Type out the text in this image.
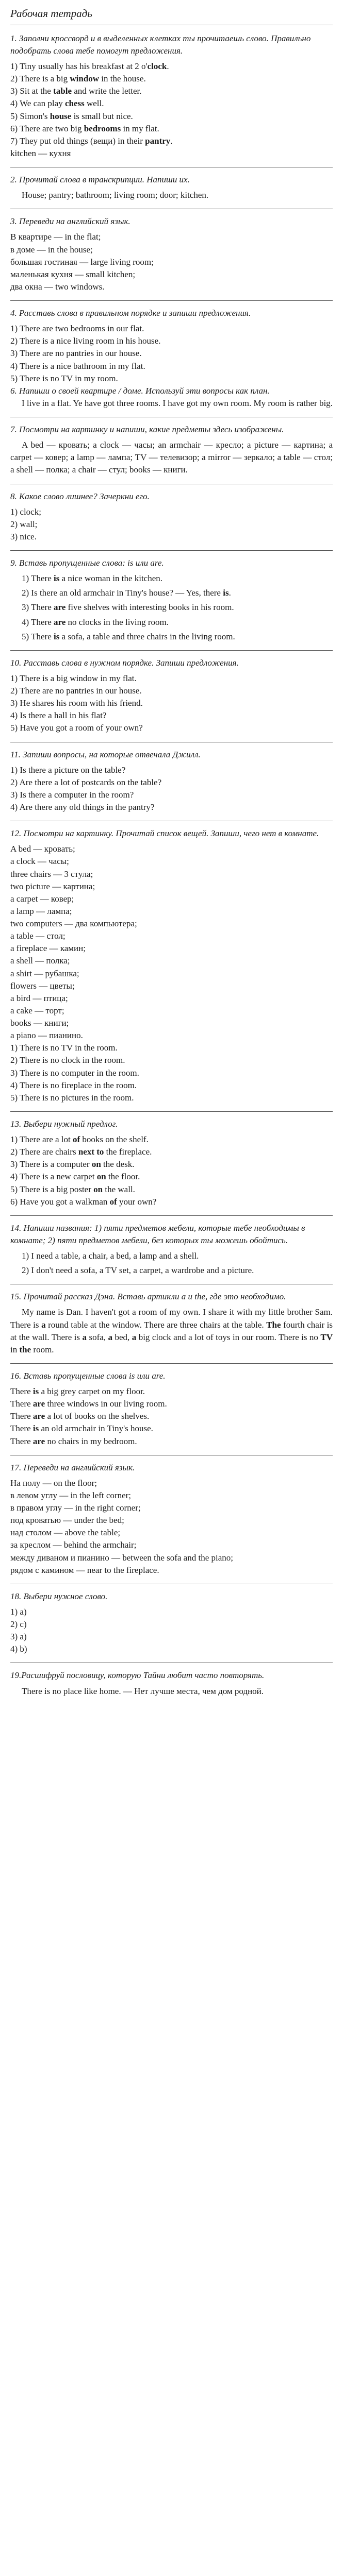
Рабочая тетрадь
1. Заполни кроссворд и в выделенных клетках ты прочитаешь слово. Правильно подобрать слова тебе помогут предложения.
1) Tiny usually has his breakfast at 2 o'clock.
2) There is a big window in the house.
3) Sit at the table and write the letter.
4) We can play chess well.
5) Simon's house is small but nice.
6) There are two big bedrooms in my flat.
7) They put old things (вещи) in their pantry.
kitchen — кухня
2. Прочитай слова в транскрипции. Напиши их.
House; pantry; bathroom; living room; door; kitchen.
3. Переведи на английский язык.
В квартире — in the flat;
в доме — in the house;
большая гостиная — large living room;
маленькая кухня — small kitchen;
два окна — two windows.
4. Расставь слова в правильном порядке и запиши предложения.
1) There are two bedrooms in our flat.
2) There is a nice living room in his house.
3) There are no pantries in our house.
4) There is a nice bathroom in my flat.
5) There is no TV in my room.
6. Напиши о своей квартире / доме. Используй эти вопросы как план.
I live in a flat. Ye have got three rooms. I have got my own room. My room is rather big.
7. Посмотри на картинку и напиши, какие предметы здесь изображены.
A bed — кровать; a clock — часы; an armchair — кресло; a picture — картина; a carpet — ковер; a lamp — лампа; TV — телевизор; a mirror — зеркало; a table — стол; a shell — полка; a chair — стул; books — книги.
8. Какое слово лишнее? Зачеркни его.
1) clock;
2) wall;
3) nice.
9. Вставь пропущенные слова: is или are.
1) There is a nice woman in the kitchen.
2) Is there an old armchair in Tiny's house? — Yes, there is.
3) There are five shelves with interesting books in his room.
4) There are no clocks in the living room.
5) There is a sofa, a table and three chairs in the living room.
10. Расставь слова в нужном порядке. Запиши предложения.
1) There is a big window in my flat.
2) There are no pantries in our house.
3) He shares his room with his friend.
4) Is there a hall in his flat?
5) Have you got a room of your own?
11. Запиши вопросы, на которые отвечала Джилл.
1) Is there a picture on the table?
2) Are there a lot of postcards on the table?
3) Is there a computer in the room?
4) Are there any old things in the pantry?
12. Посмотри на картинку. Прочитай список вещей. Запиши, чего нет в комнате.
A bed — кровать;
a clock — часы;
three chairs — 3 стула;
two picture — картина;
a carpet — ковер;
a lamp — лампа;
two computers — два компьютера;
a table — стол;
a fireplace — камин;
a shell — полка;
a shirt — рубашка;
flowers — цветы;
a bird — птица;
a cake — торт;
books — книги;
a piano — пианино.
1) There is no TV in the room.
2) There is no clock in the room.
3) There is no computer in the room.
4) There is no fireplace in the room.
5) There is no pictures in the room.
13. Выбери нужный предлог.
1) There are a lot of books on the shelf.
2) There are chairs next to the fireplace.
3) There is a computer on the desk.
4) There is a new carpet on the floor.
5) There is a big poster on the wall.
6) Have you got a walkman of your own?
14. Напиши названия: 1) пяти предметов мебели, которые тебе необходимы в комнате; 2) пяти предметов мебели, без которых ты можешь обойтись.
1) I need a table, a chair, a bed, a lamp and a shell.
2) I don't need a sofa, a TV set, a carpet, a wardrobe and a picture.
15. Прочитай рассказ Дэна. Вставь артикли a и the, где это необходимо.
My name is Dan. I haven't got a room of my own. I share it with my little brother Sam. There is a round table at the window. There are three chairs at the table. The fourth chair is at the wall. There is a sofa, a bed, a big clock and a lot of toys in our room. There is no TV in the room.
16. Вставь пропущенные слова is или are.
There is a big grey carpet on my floor.
There are three windows in our living room.
There are a lot of books on the shelves.
There is an old armchair in Tiny's house.
There are no chairs in my bedroom.
17. Переведи на английский язык.
На полу — on the floor;
в левом углу — in the left corner;
в правом углу — in the right corner;
под кроватью — under the bed;
над столом — above the table;
за креслом — behind the armchair;
между диваном и пианино — between the sofa and the piano;
рядом с камином — near to the fireplace.
18. Выбери нужное слово.
1) a)
2) c)
3) a)
4) b)
19.Расшифруй пословицу, которую Тайни любит часто повторять.
There is no place like home. — Нет лучше места, чем дом родной.
